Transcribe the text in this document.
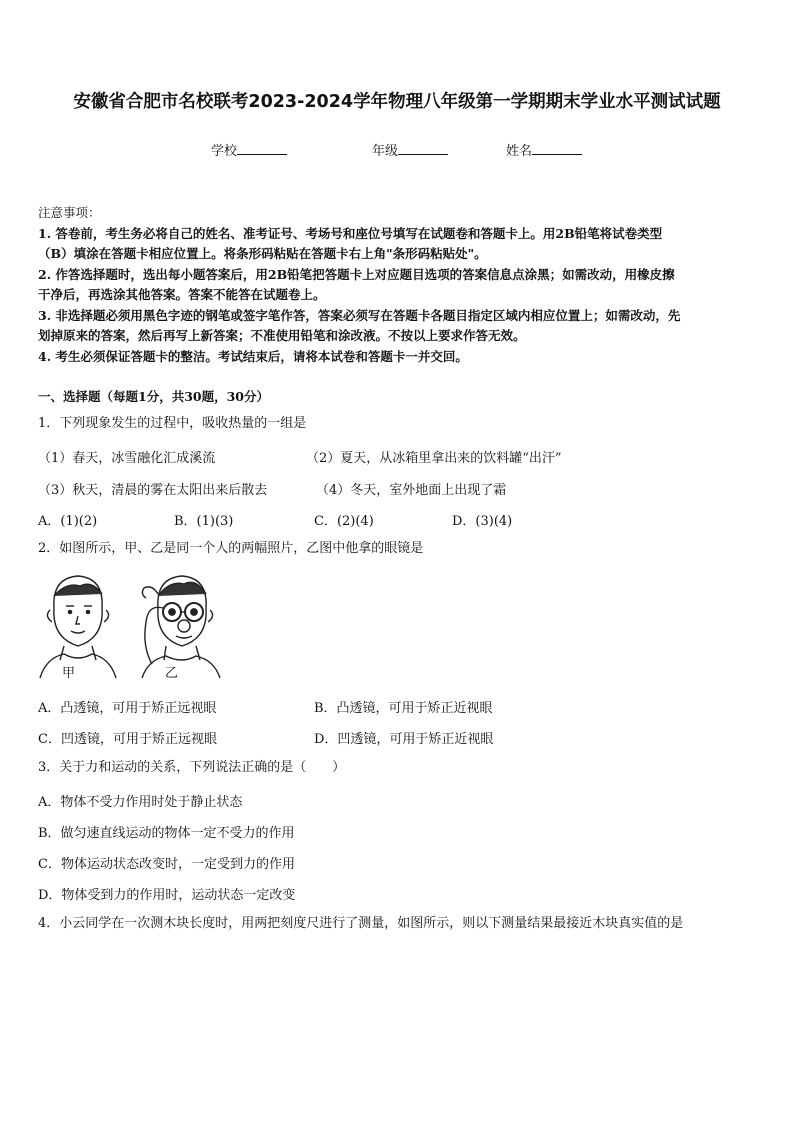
安徽省合肥市名校联考2023-2024学年物理八年级第一学期期末学业水平测试试题
学校	年级	姓名

注意事项：

1. 答卷前，考生务必将自己的姓名、准考证号、考场号和座位号填写在试题卷和答题卡上。用2B铅笔将试卷类型

（B）填涂在答题卡相应位置上。将条形码粘贴在答题卡右上角"条形码粘贴处"。

2. 作答选择题时，选出每小题答案后，用2B铅笔把答题卡上对应题目选项的答案信息点涂黑；如需改动，用橡皮擦

干净后，再选涂其他答案。答案不能答在试题卷上。

3. 非选择题必须用黑色字迹的钢笔或签字笔作答，答案必须写在答题卡各题目指定区域内相应位置上；如需改动，先

划掉原来的答案，然后再写上新答案；不准使用铅笔和涂改液。不按以上要求作答无效。

4. 考生必须保证答题卡的整洁。考试结束后，请将本试卷和答题卡一并交回。

一、选择题（每题1分，共30题，30分）
1．下列现象发生的过程中，吸收热量的一组是
（1）春天，冰雪融化汇成溪流	（2）夏天，从冰箱里拿出来的饮料罐“出汗”
（3）秋天，清晨的雾在太阳出来后散去	（4）冬天，室外地面上出现了霜
A．(1)(2)	B．(1)(3)	C．(2)(4)	D．(3)(4)
2．如图所示，甲、乙是同一个人的两幅照片，乙图中他拿的眼镜是
甲	乙
A．凸透镜，可用于矫正远视眼	B．凸透镜，可用于矫正近视眼
C．凹透镜，可用于矫正远视眼	D．凹透镜，可用于矫正近视眼
3．关于力和运动的关系，下列说法正确的是（　　）
A．物体不受力作用时处于静止状态
B．做匀速直线运动的物体一定不受力的作用
C．物体运动状态改变时，一定受到力的作用
D．物体受到力的作用时，运动状态一定改变
4．小云同学在一次测木块长度时，用两把刻度尺进行了测量，如图所示，则以下测量结果最接近木块真实值的是
